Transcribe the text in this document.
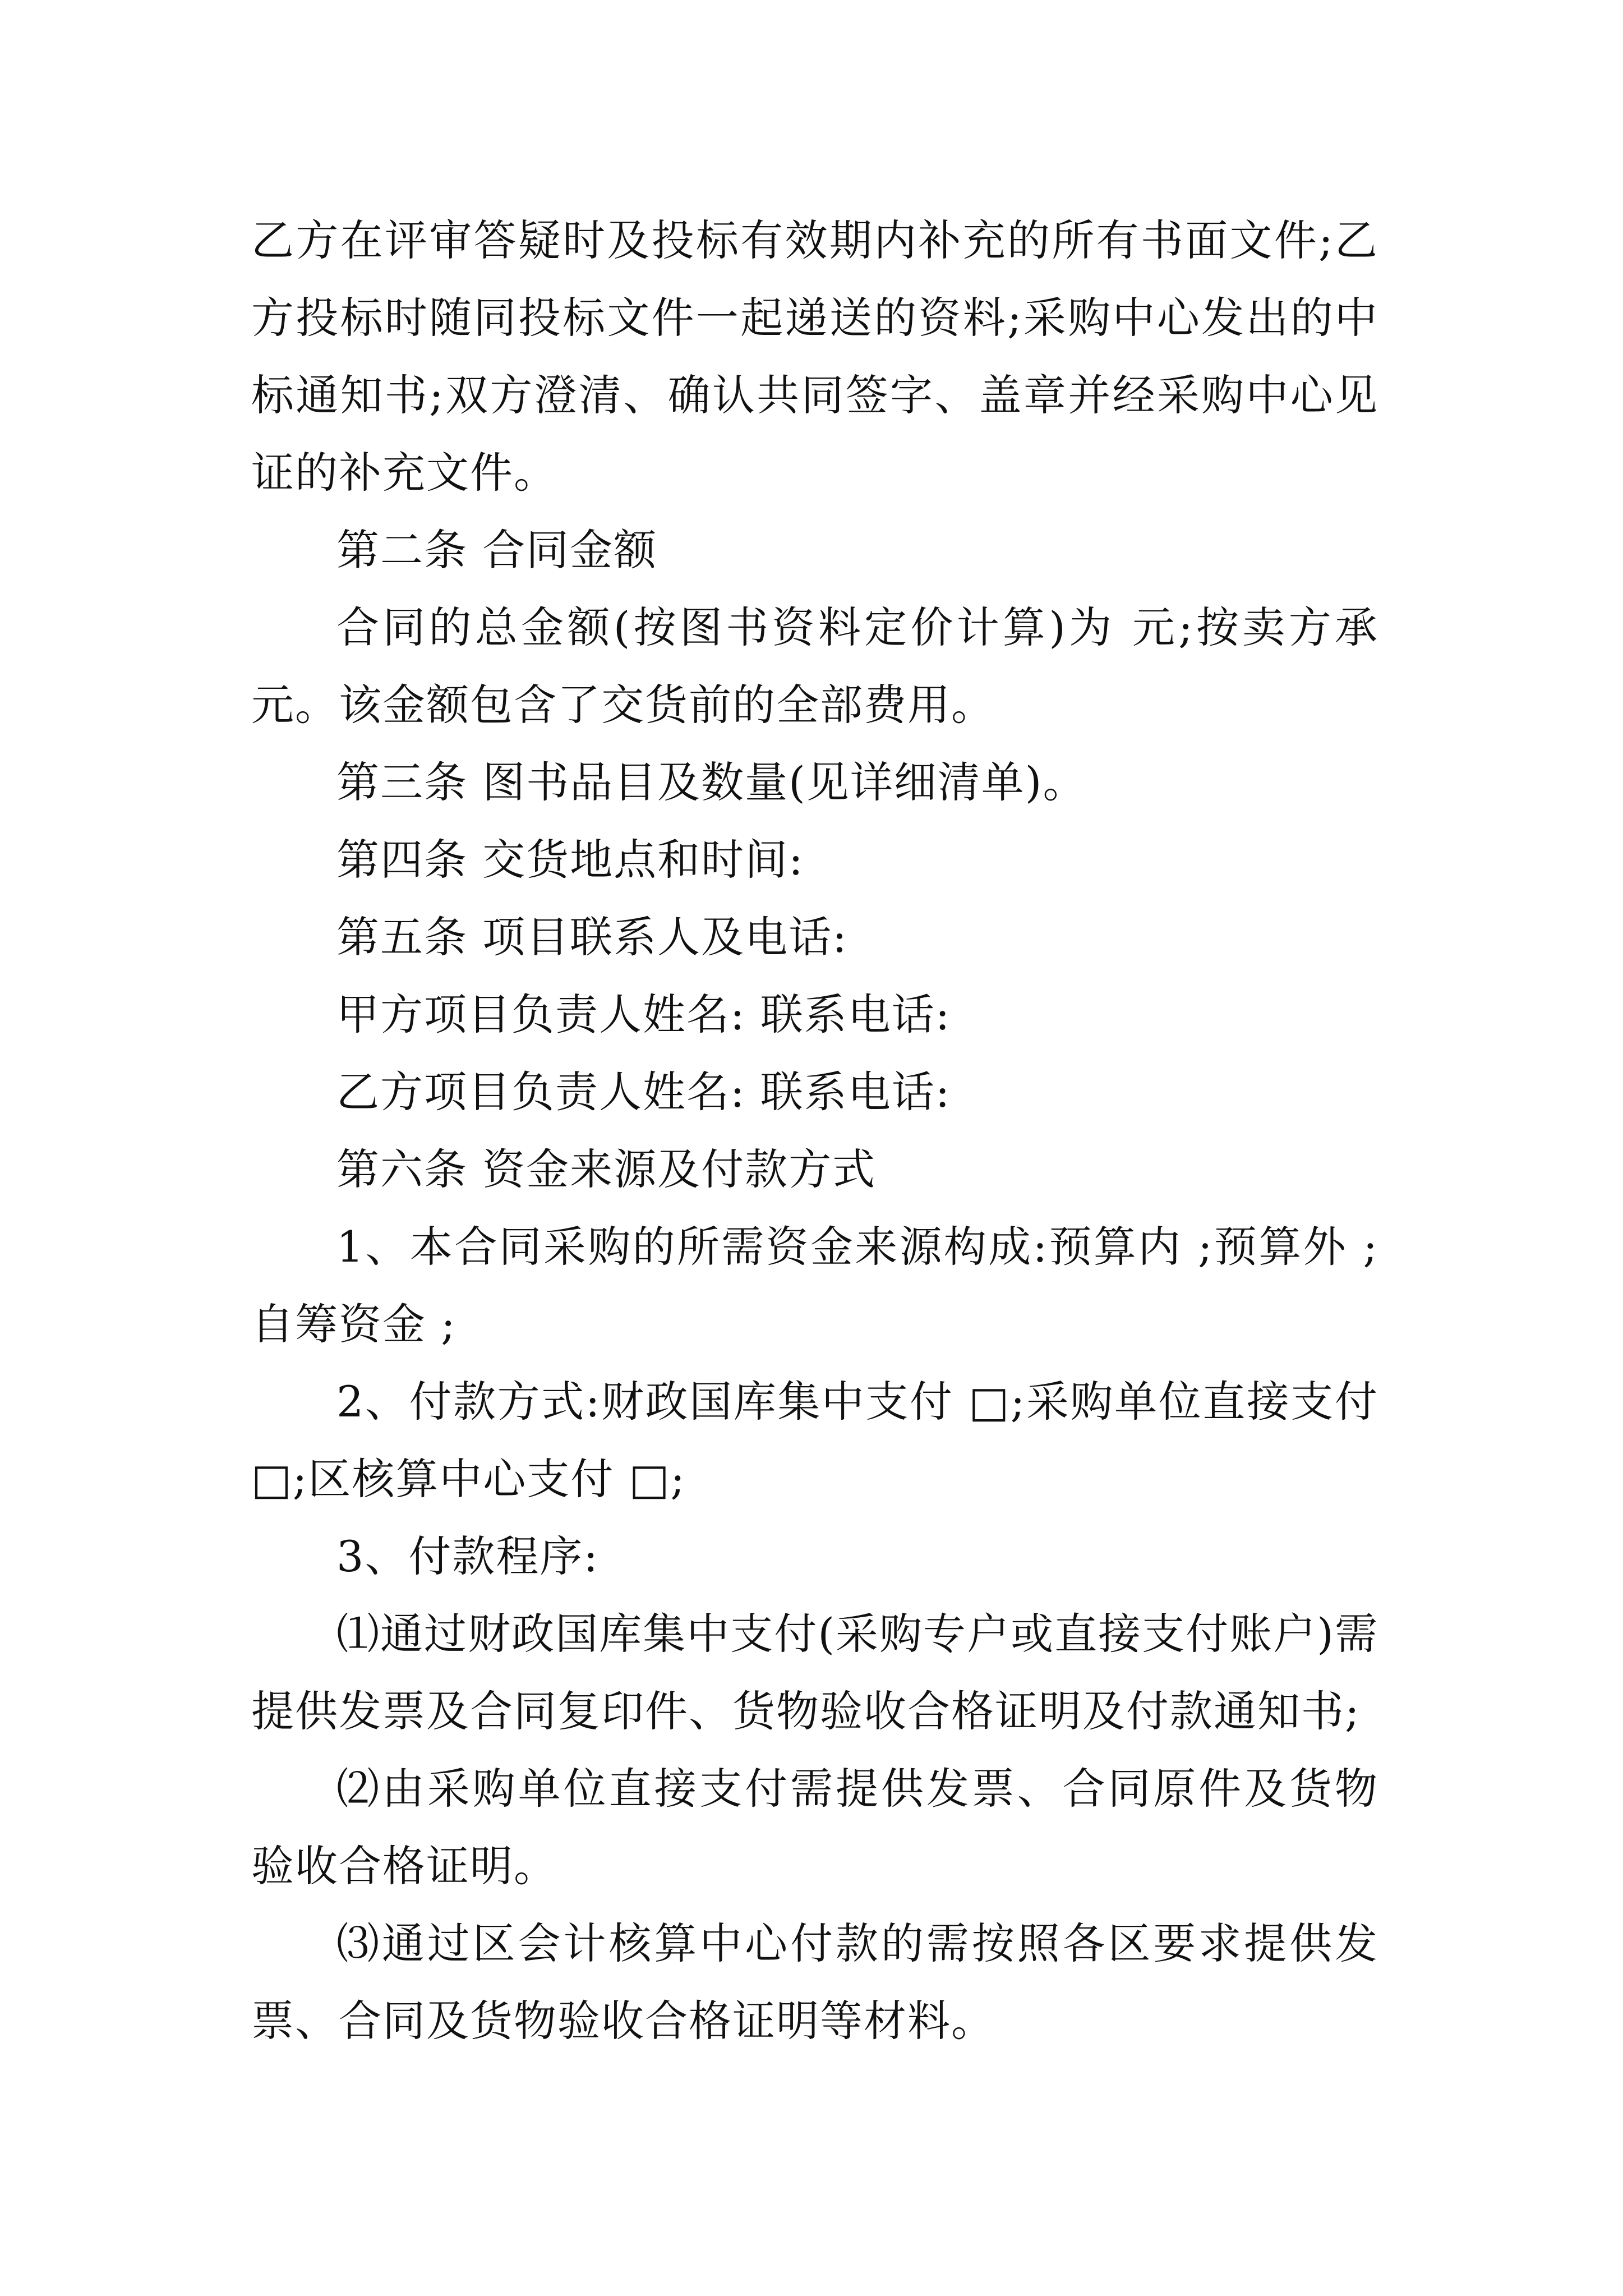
乙方在评审答疑时及投标有效期内补充的所有书面文件;乙方投标时随同投标文件一起递送的资料;采购中心发出的中标通知书;双方澄清、确认共同签字、盖章并经采购中心见证的补充文件。

第二条 合同金额

合同的总金额(按图书资料定价计算)为 元;按卖方承元。该金额包含了交货前的全部费用。

第三条 图书品目及数量(见详细清单)。

第四条 交货地点和时间:

第五条 项目联系人及电话:

甲方项目负责人姓名: 联系电话:

乙方项目负责人姓名: 联系电话:

第六条 资金来源及付款方式

1、本合同采购的所需资金来源构成:预算内 ;预算外 ;自筹资金 ;

2、付款方式:财政国库集中支付 □;采购单位直接支付 □;区核算中心支付 □;

3、付款程序:

⑴通过财政国库集中支付(采购专户或直接支付账户)需提供发票及合同复印件、货物验收合格证明及付款通知书;

⑵由采购单位直接支付需提供发票、合同原件及货物验收合格证明。

⑶通过区会计核算中心付款的需按照各区要求提供发票、合同及货物验收合格证明等材料。
